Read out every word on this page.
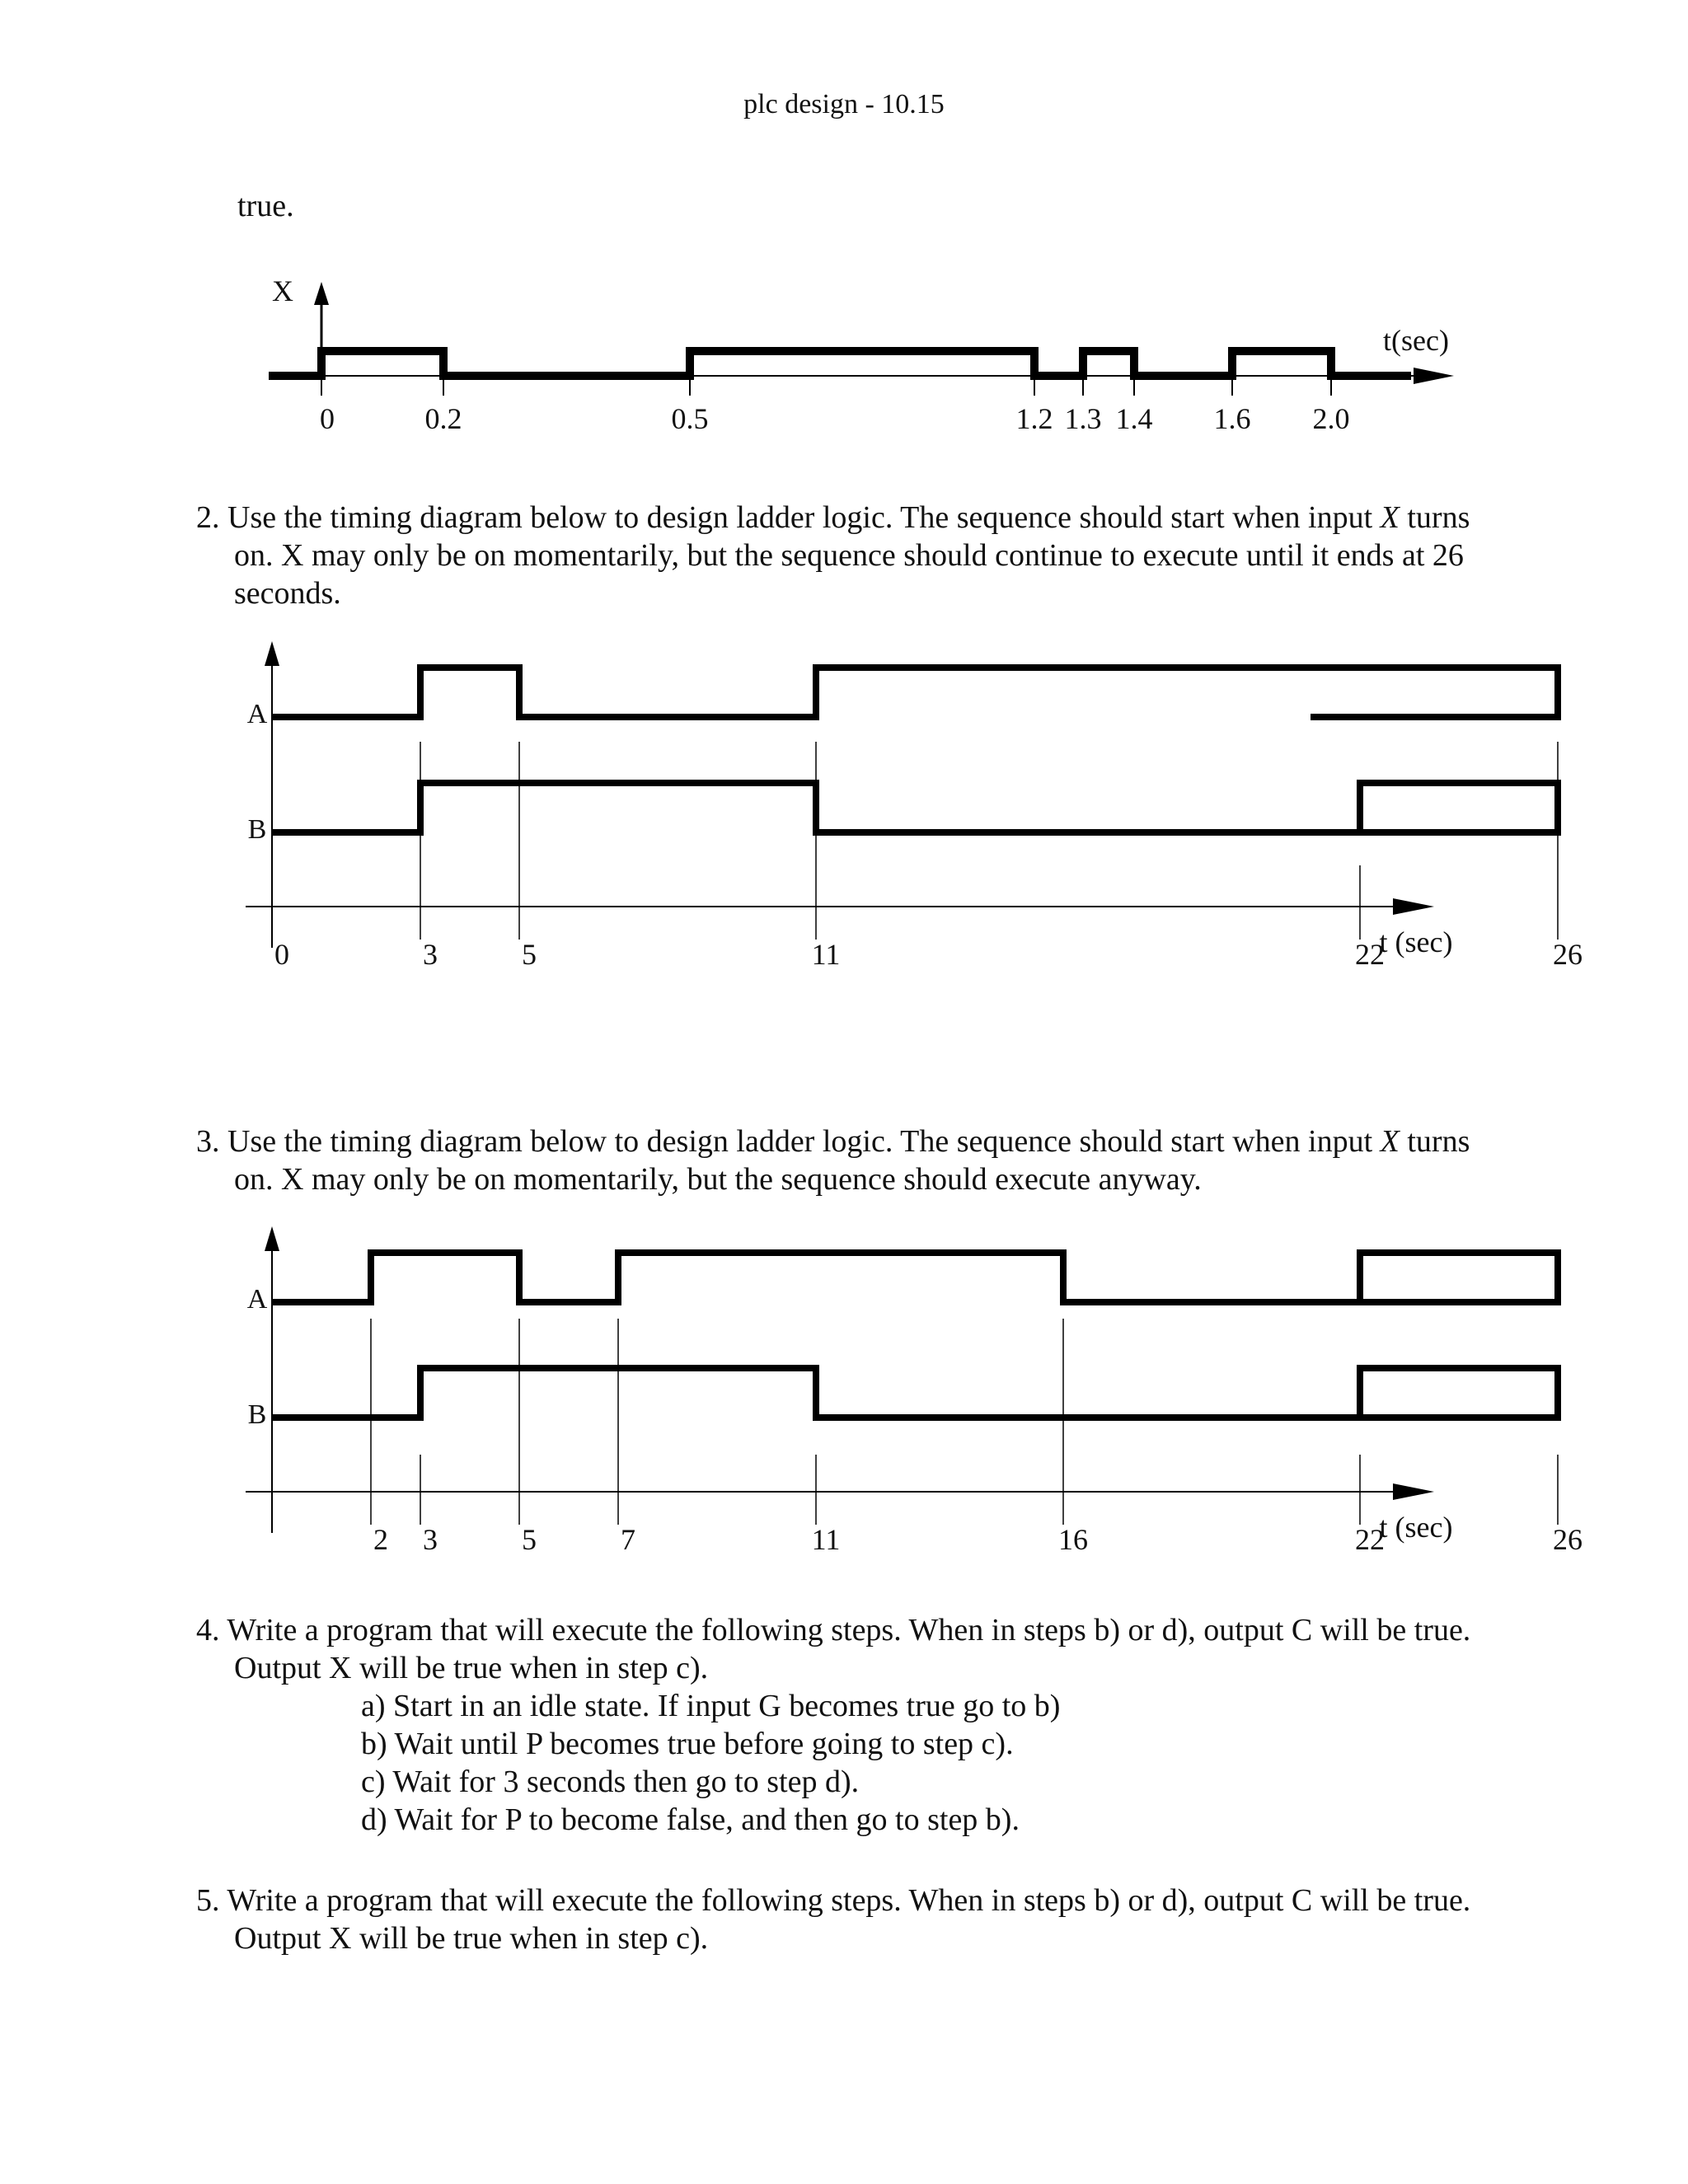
plc design - 10.15
true.
X
t(sec)
0	0.2	0.5	1.2 1.3 1.4 1.6 2.0
2. Use the timing diagram below to design ladder logic. The sequence should start when input X turns on. X may only be on momentarily, but the sequence should continue to execute until it ends at 26 seconds.
A
B
t (sec)
0	3	5	11	22	26
3. Use the timing diagram below to design ladder logic. The sequence should start when input X turns on. X may only be on momentarily, but the sequence should execute anyway.
A
B
t (sec)
2 3	5	7	11	16	22	26
4. Write a program that will execute the following steps. When in steps b) or d), output C will be true. Output X will be true when in step c).
a) Start in an idle state. If input G becomes true go to b)
b) Wait until P becomes true before going to step c).
c) Wait for 3 seconds then go to step d).
d) Wait for P to become false, and then go to step b).
5. Write a program that will execute the following steps. When in steps b) or d), output C will be true. Output X will be true when in step c).
